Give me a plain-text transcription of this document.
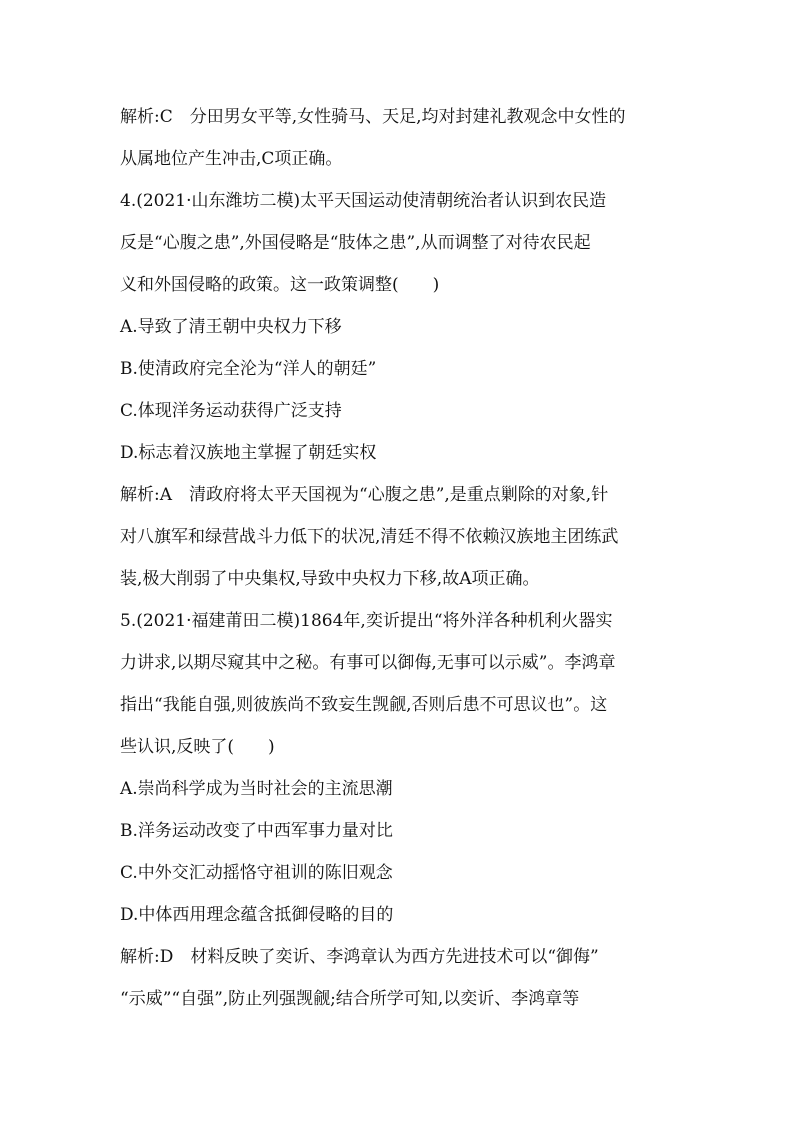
解析:C　分田男女平等,女性骑马、天足,均对封建礼教观念中女性的
从属地位产生冲击,C项正确。
4.(2021·山东潍坊二模)太平天国运动使清朝统治者认识到农民造
反是“心腹之患”,外国侵略是“肢体之患”,从而调整了对待农民起
义和外国侵略的政策。这一政策调整(　　)
A.导致了清王朝中央权力下移
B.使清政府完全沦为“洋人的朝廷”
C.体现洋务运动获得广泛支持
D.标志着汉族地主掌握了朝廷实权
解析:A　清政府将太平天国视为“心腹之患”,是重点剿除的对象,针
对八旗军和绿营战斗力低下的状况,清廷不得不依赖汉族地主团练武
装,极大削弱了中央集权,导致中央权力下移,故A项正确。
5.(2021·福建莆田二模)1864年,奕䜣提出“将外洋各种机利火器实
力讲求,以期尽窥其中之秘。有事可以御侮,无事可以示威”。李鸿章
指出“我能自强,则彼族尚不致妄生觊觎,否则后患不可思议也”。这
些认识,反映了(　　)
A.崇尚科学成为当时社会的主流思潮
B.洋务运动改变了中西军事力量对比
C.中外交汇动摇恪守祖训的陈旧观念
D.中体西用理念蕴含抵御侵略的目的
解析:D　材料反映了奕䜣、李鸿章认为西方先进技术可以“御侮”
“示威”“自强”,防止列强觊觎;结合所学可知,以奕䜣、李鸿章等
